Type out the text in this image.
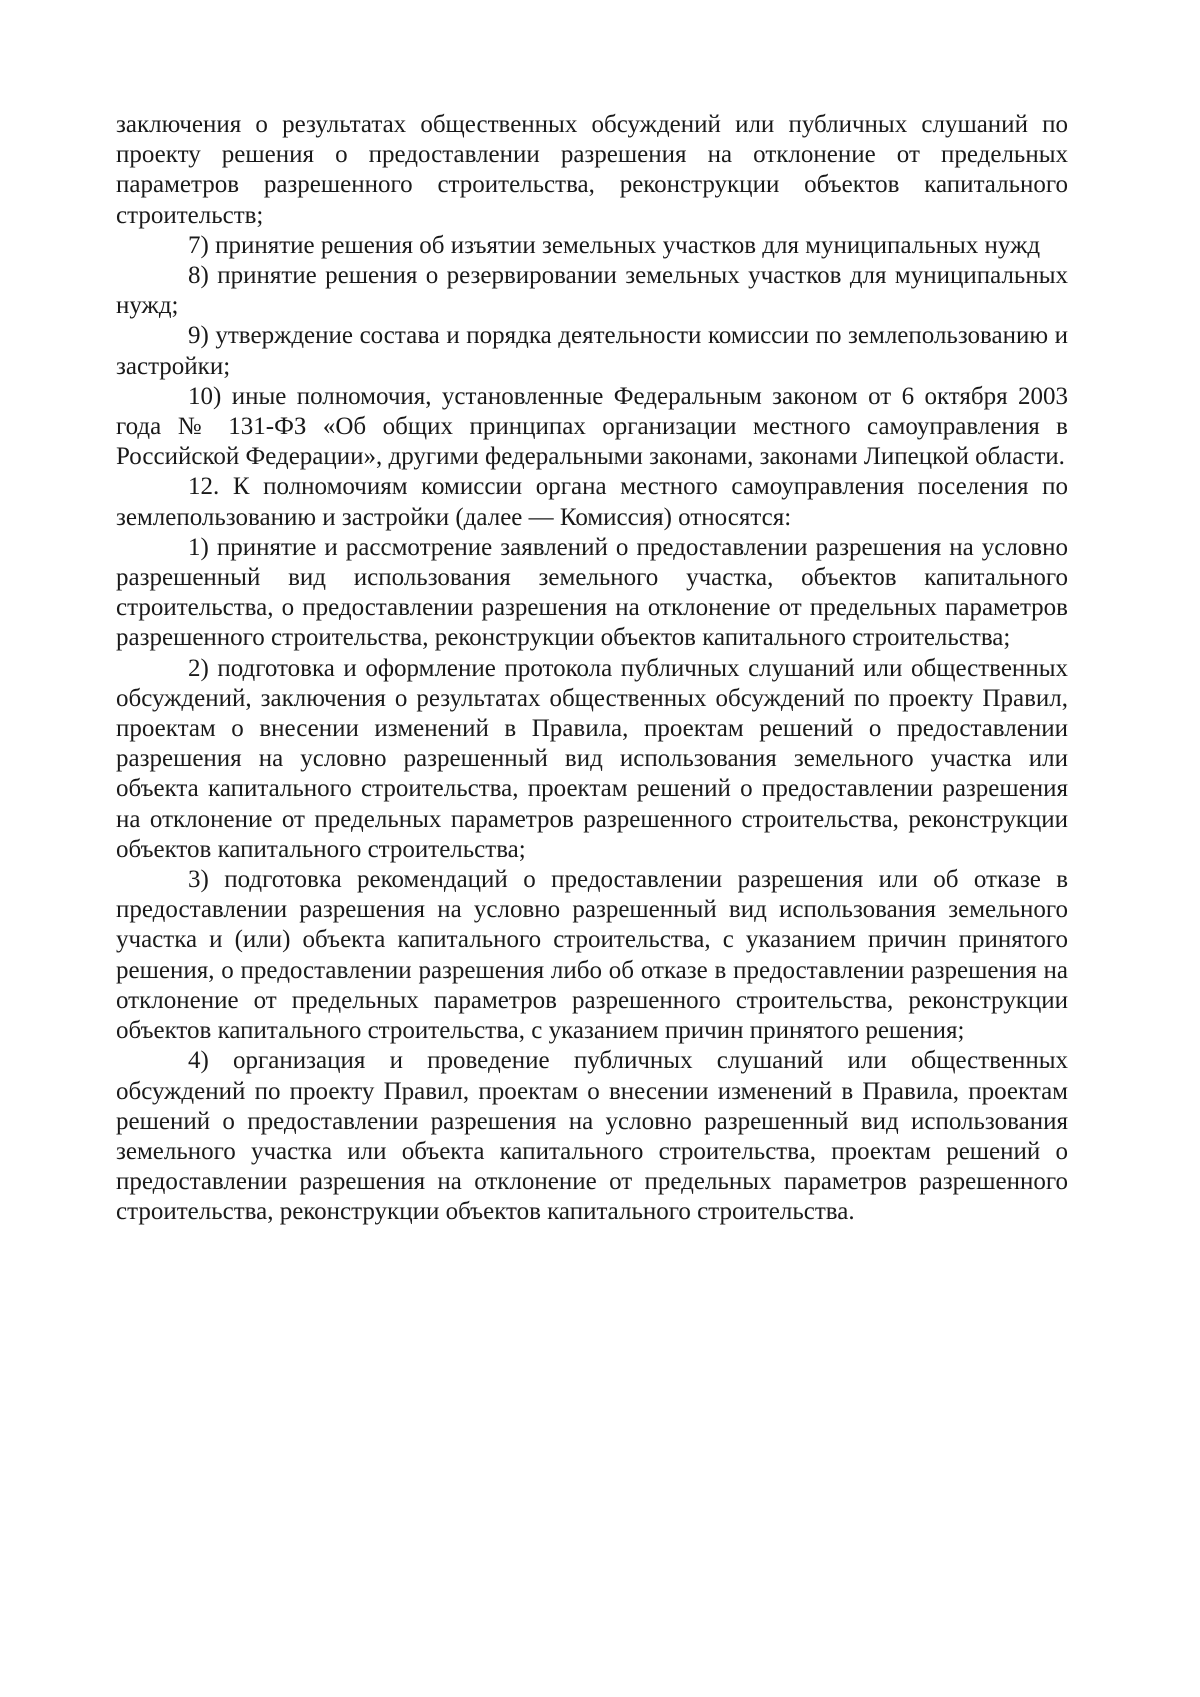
заключения о результатах общественных обсуждений или публичных слушаний по проекту решения о предоставлении разрешения на отклонение от предельных параметров разрешенного строительства, реконструкции объектов капитального строительств;

7) принятие решения об изъятии земельных участков для муниципальных нужд

8) принятие решения о резервировании земельных участков для муниципальных нужд;

9) утверждение состава и порядка деятельности комиссии по землепользованию и застройки;

10) иные полномочия, установленные Федеральным законом от 6 октября 2003 года № 131-ФЗ «Об общих принципах организации местного самоуправления в Российской Федерации», другими федеральными законами, законами Липецкой области.

12. К полномочиям комиссии органа местного самоуправления поселения по землепользованию и застройки (далее — Комиссия) относятся:

1) принятие и рассмотрение заявлений о предоставлении разрешения на условно разрешенный вид использования земельного участка, объектов капитального строительства, о предоставлении разрешения на отклонение от предельных параметров разрешенного строительства, реконструкции объектов капитального строительства;

2) подготовка и оформление протокола публичных слушаний или общественных обсуждений, заключения о результатах общественных обсуждений по проекту Правил, проектам о внесении изменений в Правила, проектам решений о предоставлении разрешения на условно разрешенный вид использования земельного участка или объекта капитального строительства, проектам решений о предоставлении разрешения на отклонение от предельных параметров разрешенного строительства, реконструкции объектов капитального строительства;

3) подготовка рекомендаций о предоставлении разрешения или об отказе в предоставлении разрешения на условно разрешенный вид использования земельного участка и (или) объекта капитального строительства, с указанием причин принятого решения, о предоставлении разрешения либо об отказе в предоставлении разрешения на отклонение от предельных параметров разрешенного строительства, реконструкции объектов капитального строительства, с указанием причин принятого решения;

4) организация и проведение публичных слушаний или общественных обсуждений по проекту Правил, проектам о внесении изменений в Правила, проектам решений о предоставлении разрешения на условно разрешенный вид использования земельного участка или объекта капитального строительства, проектам решений о предоставлении разрешения на отклонение от предельных параметров разрешенного строительства, реконструкции объектов капитального строительства.
